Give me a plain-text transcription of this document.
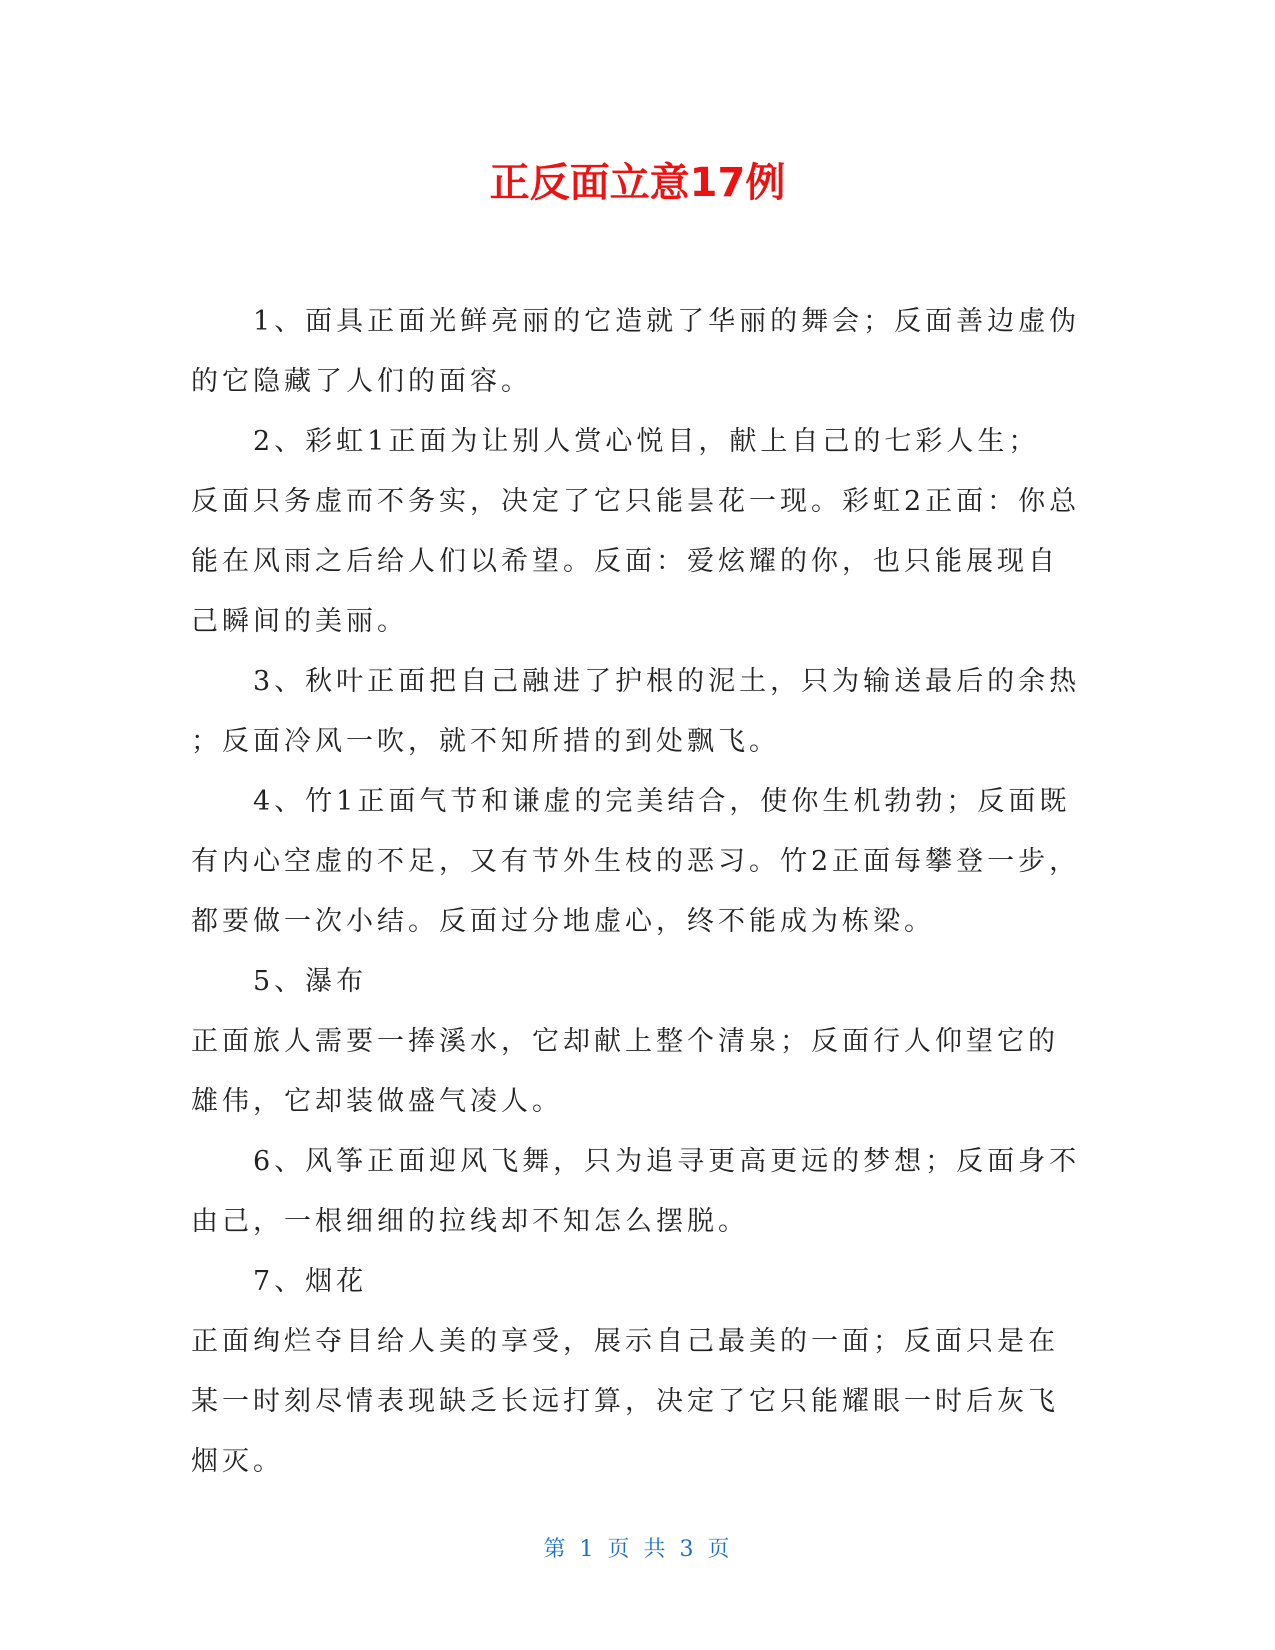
正反面立意17例

1、面具正面光鲜亮丽的它造就了华丽的舞会；反面善边虚伪

的它隐藏了人们的面容。

2、彩虹1正面为让别人赏心悦目，献上自己的七彩人生；

反面只务虚而不务实，决定了它只能昙花一现。彩虹2正面：你总

能在风雨之后给人们以希望。反面：爱炫耀的你，也只能展现自

己瞬间的美丽。

3、秋叶正面把自己融进了护根的泥土，只为输送最后的余热

；反面冷风一吹，就不知所措的到处飘飞。

4、竹1正面气节和谦虚的完美结合，使你生机勃勃；反面既

有内心空虚的不足，又有节外生枝的恶习。竹2正面每攀登一步，

都要做一次小结。反面过分地虚心，终不能成为栋梁。

5、瀑布

正面旅人需要一捧溪水，它却献上整个清泉；反面行人仰望它的

雄伟，它却装做盛气凌人。

6、风筝正面迎风飞舞，只为追寻更高更远的梦想；反面身不

由己，一根细细的拉线却不知怎么摆脱。

7、烟花

正面绚烂夺目给人美的享受，展示自己最美的一面；反面只是在

某一时刻尽情表现缺乏长远打算，决定了它只能耀眼一时后灰飞

烟灭。

第 1 页 共 3 页
